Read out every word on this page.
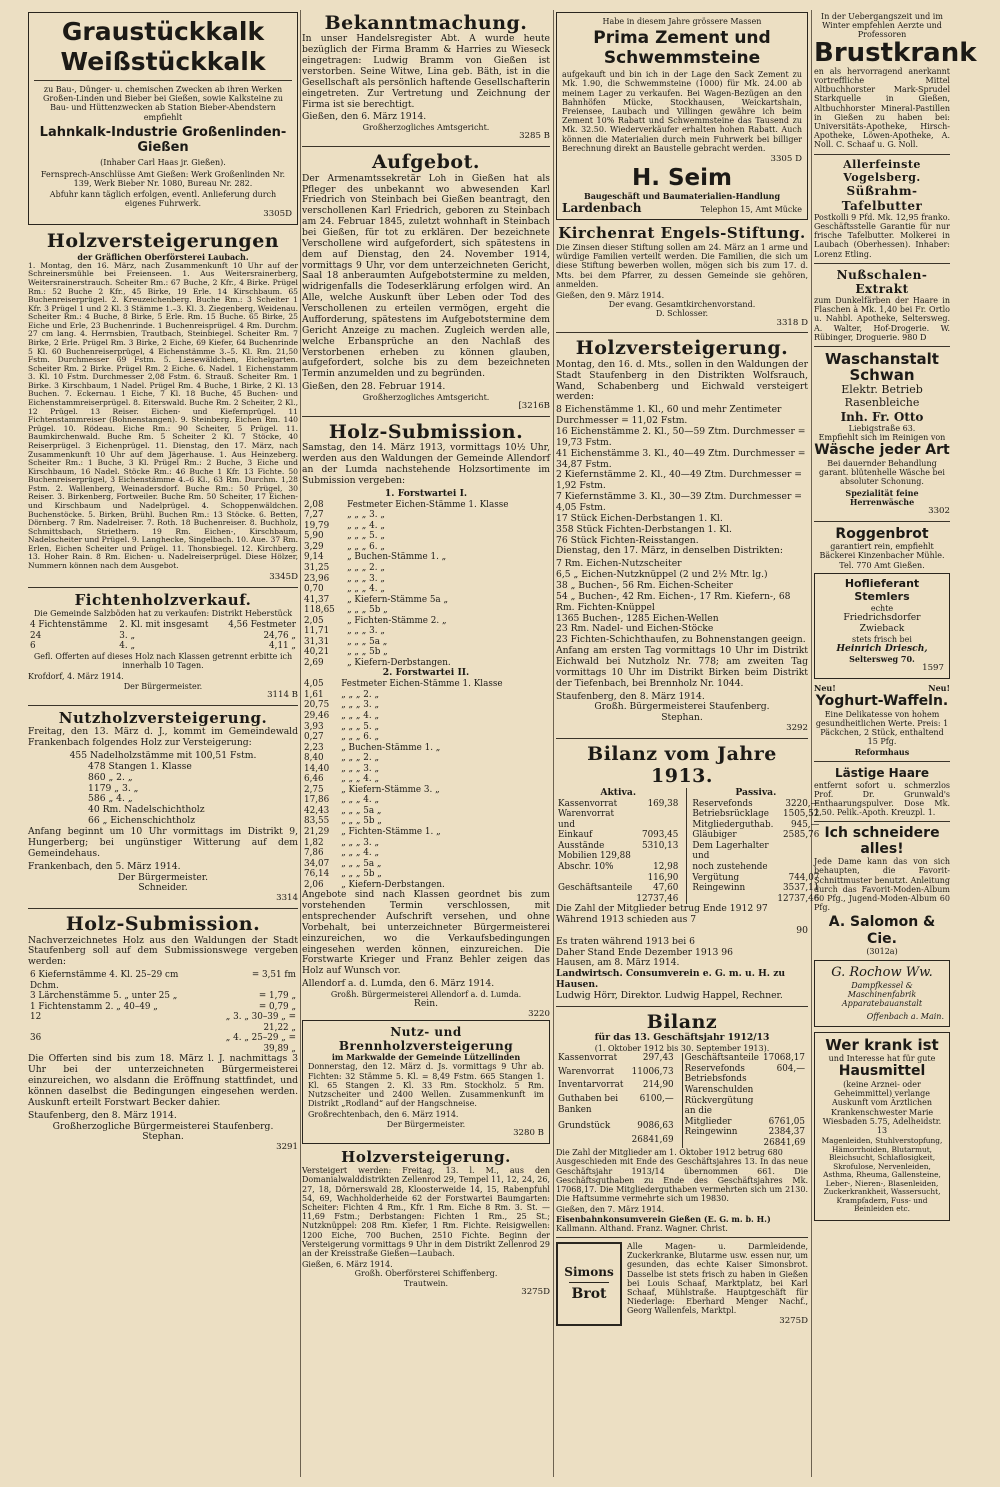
Graustückkalk
Weißstückkalk

zu Bau-, Dünger- u. chemischen Zwecken ab ihren Werken Großen-Linden und Bieber bei Gießen, sowie Kalksteine zu Bau- und Hüttenzwecken ab Station Bieber-Abendstern empfiehlt

Lahnkalk-Industrie Großenlinden-Gießen

(Inhaber Carl Haas jr. Gießen).

Fernsprech-Anschlüsse Amt Gießen: Werk Großenlinden Nr. 139, Werk Bieber Nr. 1080, Bureau Nr. 282.

Abfuhr kann täglich erfolgen, eventl. Anlieferung durch eigenes Fuhrwerk.

3305D
Holzversteigerungen
der Gräflichen Oberförsterei Laubach.

1. Montag, den 16. März, nach Zusammenkunft 10 Uhr auf der Schreinersmühle bei Freienseen. 1. Aus Weitersrainerberg, Weitersrainerstrauch. Scheiter Rm.: 67 Buche, 2 Kfr., 4 Birke. Prügel Rm.: 52 Buche 2 Kfr., 45 Birke, 19 Erle. 14 Kirschbaum. 65 Buchenreiserprügel. 2. Kreuzeichenberg. Buche Rm.: 3 Scheiter 1 Kfr. 3 Prügel 1 und 2 Kl. 3 Stämme 1.–3. Kl. 3. Ziegenberg, Weidenau. Scheiter Rm.: 4 Buche, 8 Birke, 5 Erle. Rm. 15 Buche. 65 Birke, 25 Eiche und Erle, 23 Buchenrinde. 1 Buchenreisprügel. 4 Rm. Durchm. 27 cm lang. 4. Herrnsbien, Trautbach, Steinbiegel. Scheiter Rm. 7 Birke, 2 Erle. Prügel Rm. 3 Birke, 2 Eiche, 69 Kiefer, 64 Buchenrinde 5 Kl. 60 Buchenreiserprügel, 4 Eichenstämme 3.–5. Kl. Rm. 21,50 Fstm. Durchmesser 69 Fstm. 5. Liesewäldchen, Eichelgarten. Scheiter Rm. 2 Birke. Prügel Rm. 2 Eiche. 6. Nadel. 1 Eichenstamm 3. Kl. 10 Fstm. Durchmesser 2,08 Fstm. 6. Strauß. Scheiter Rm. 1 Birke. 3 Kirschbaum, 1 Nadel. Prügel Rm. 4 Buche, 1 Birke, 2 Kl. 13 Buchen. 7. Eckernau. 1 Eiche, 7 Kl. 18 Buche, 45 Buchen- und Eichenstammreiserprügel. 8. Eiterswald. Buche Rm. 2 Scheiter, 2 Kl., 12 Prügel. 13 Reiser. Eichen- und Kiefernprügel. 11 Fichtenstammreiser (Bohnenstangen). 9. Steinberg. Eichen Rm. 140 Prügel. 10. Rödeau. Eiche Rm.: 90 Scheiter, 5 Prügel. 11. Baumkirchenwald. Buche Rm. 5 Scheiter 2 Kl. 7 Stöcke, 40 Reiserprügel. 3 Eichenprügel. 11. Dienstag, den 17. März, nach Zusammenkunft 10 Uhr auf dem Jägerhause. 1. Aus Heinzeberg. Scheiter Rm.: 1 Buche, 3 Kl. Prügel Rm.: 2 Buche, 3 Eiche und Kirschbaum, 16 Nadel. Stöcke Rm.: 46 Buche 1 Kfr. 13 Fichte. 50 Buchenreiserprügel, 3 Eichenstämme 4.–6 Kl., 63 Rm. Durchm. 1,28 Fstm. 2. Wallenberg, Weinadersdorf. Buche Rm.: 50 Prügel, 30 Reiser. 3. Birkenberg, Fortweiler. Buche Rm. 50 Scheiter, 17 Eichen- und Kirschbaum und Nadelprügel. 4. Schoppenwäldchen. Buchenstöcke. 5. Birken, Brühl. Buchen Rm.: 13 Stöcke. 6. Betten, Dörnberg. 7 Rm. Nadelreiser. 7. Roth. 18 Buchenreiser. 8. Buchholz, Schmittsbach, Striethern. 19 Rm. Eichen-, Kirschbaum, Nadelscheiter und Prügel. 9. Langhecke, Singelbach. 10. Aue. 37 Rm. Erlen, Eichen Scheiter und Prügel. 11. Thonsbiegel. 12. Kirchberg. 13. Hoher Rain. 8 Rm. Eichen- u. Nadelreiserprügel. Diese Hölzer, Nummern können nach dem Ausgebot.

3345D
Fichtenholzverkauf.

Die Gemeinde Salzböden hat zu verkaufen: Distrikt Heberstück

4 Fichtenstämme	2. Kl. mit insgesamt	4,56 Festmeter
24	3. „	24,76 „
6	4. „	4,11 „

Gefl. Offerten auf dieses Holz nach Klassen getrennt erbitte ich innerhalb 10 Tagen.

Krofdorf, 4. März 1914.
Der Bürgermeister.
3114 B
Nutzholzversteigerung.

Freitag, den 13. März d. J., kommt im Gemeindewald Frankenbach folgendes Holz zur Versteigerung:

455 Nadelholzstämme mit 100,51 Fstm.
478 Stangen 1. Klasse
860 „ 2. „
1179 „ 3. „
586 „ 4. „
40 Rm. Nadelschichtholz
66 „ Eichenschichtholz

Anfang beginnt um 10 Uhr vormittags im Distrikt 9, Hungerberg; bei ungünstiger Witterung auf dem Gemeindehaus.

Frankenbach, den 5. März 1914.
Der Bürgermeister.
Schneider.
3314
Holz-Submission.

Nachverzeichnetes Holz aus den Waldungen der Stadt Staufenberg soll auf dem Submissionswege vergeben werden:

6 Kiefernstämme 4. Kl. 25–29 cm Dchm.	= 3,51 fm
3 Lärchenstämme 5. „ unter 25 „	= 1,79 „
1 Fichtenstamm 2. „ 40–49 „	= 0,79 „
12	„ 3. „ 30–39 „ = 21,22 „
36	„ 4. „ 25–29 „ = 39,89 „

Die Offerten sind bis zum 18. März l. J. nachmittags 3 Uhr bei der unterzeichneten Bürgermeisterei einzureichen, wo alsdann die Eröffnung stattfindet, und können daselbst die Bedingungen eingesehen werden. Auskunft erteilt Forstwart Becker dahier.

Staufenberg, den 8. März 1914.
Großherzogliche Bürgermeisterei Staufenberg.
Stephan.
3291
Bekanntmachung.

In unser Handelsregister Abt. A wurde heute bezüglich der Firma Bramm & Harries zu Wieseck eingetragen: Ludwig Bramm von Gießen ist verstorben. Seine Witwe, Lina geb. Bäth, ist in die Gesellschaft als persönlich haftende Gesellschafterin eingetreten. Zur Vertretung und Zeichnung der Firma ist sie berechtigt.

Gießen, den 6. März 1914.
Großherzogliches Amtsgericht.
3285 B
Aufgebot.

Der Armenamtssekretär Loh in Gießen hat als Pfleger des unbekannt wo abwesenden Karl Friedrich von Steinbach bei Gießen beantragt, den verschollenen Karl Friedrich, geboren zu Steinbach am 24. Februar 1845, zuletzt wohnhaft in Steinbach bei Gießen, für tot zu erklären. Der bezeichnete Verschollene wird aufgefordert, sich spätestens in dem auf Dienstag, den 24. November 1914, vormittags 9 Uhr, vor dem unterzeichneten Gericht, Saal 18 anberaumten Aufgebotstermine zu melden, widrigenfalls die Todeserklärung erfolgen wird. An Alle, welche Auskunft über Leben oder Tod des Verschollenen zu erteilen vermögen, ergeht die Aufforderung, spätestens im Aufgebotstermine dem Gericht Anzeige zu machen. Zugleich werden alle, welche Erbansprüche an den Nachlaß des Verstorbenen erheben zu können glauben, aufgefordert, solche bis zu dem bezeichneten Termin anzumelden und zu begründen.

Gießen, den 28. Februar 1914.
Großherzogliches Amtsgericht.
[3216B
Holz-Submission.

Samstag, den 14. März 1913, vormittags 10½ Uhr, werden aus den Waldungen der Gemeinde Allendorf an der Lumda nachstehende Holzsortimente im Submission vergeben:

1. Forstwartei I.
2,08	Festmeter Eichen-Stämme 1. Klasse
7,27	„ „ „ 3. „
19,79	„ „ „ 4. „
5,90	„ „ „ 5. „
3,29	„ „ „ 6. „
9,14	„ Buchen-Stämme 1. „
31,25	„ „ „ 2. „
23,96	„ „ „ 3. „
0,70	„ „ „ 4. „
41,37	„ Kiefern-Stämme 5a „
118,65	„ „ „ 5b „
2,05	„ Fichten-Stämme 2. „
11,71	„ „ „ 3. „
31,31	„ „ „ 5a „
40,21	„ „ „ 5b „
2,69	„ Kiefern-Derbstangen.
2. Forstwartei II.
4,05	Festmeter Eichen-Stämme 1. Klasse
1,61	„ „ „ 2. „
20,75	„ „ „ 3. „
29,46	„ „ „ 4. „
3,93	„ „ „ 5. „
0,27	„ „ „ 6. „
2,23	„ Buchen-Stämme 1. „
8,40	„ „ „ 2. „
14,40	„ „ „ 3. „
6,46	„ „ „ 4. „
2,75	„ Kiefern-Stämme 3. „
17,86	„ „ „ 4. „
42,43	„ „ „ 5a „
83,55	„ „ „ 5b „
21,29	„ Fichten-Stämme 1. „
1,82	„ „ „ 3. „
7,86	„ „ „ 4. „
34,07	„ „ „ 5a „
76,14	„ „ „ 5b „
2,06	„ Kiefern-Derbstangen.

Angebote sind nach Klassen geordnet bis zum vorstehenden Termin verschlossen, mit entsprechender Aufschrift versehen, und ohne Vorbehalt, bei unterzeichneter Bürgermeisterei einzureichen, wo die Verkaufsbedingungen eingesehen werden können, einzureichen. Die Forstwarte Krieger und Franz Behler zeigen das Holz auf Wunsch vor.

Allendorf a. d. Lumda, den 6. März 1914.
Großh. Bürgermeisterei Allendorf a. d. Lumda.
Rein.
3220
Nutz- und Brennholzversteigerung
im Markwalde der Gemeinde Lützellinden

Donnerstag, den 12. März d. Js. vormittags 9 Uhr ab. Fichten: 32 Stämme 5. Kl. = 8,49 Fstm. 665 Stangen 1. Kl. 65 Stangen 2. Kl. 33 Rm. Stockholz. 5 Rm. Nutzscheiter und 2400 Wellen. Zusammenkunft im Distrikt „Rodland“ auf der Hangschneise.

Großrechtenbach, den 6. März 1914.
Der Bürgermeister.
3280 B
Holzversteigerung.

Versteigert werden: Freitag, 13. l. M., aus den Domanialwalddistrikten Zellenrod 29, Tempel 11, 12, 24, 26, 27, 18, Dörnerswald 28, Kloosterweide 14, 15, Rabenpfuhl 54, 69, Wachholderheide 62 der Forstwartei Baumgarten: Scheiter: Fichten 4 Rm., Kfr. 1 Rm. Eiche 8 Rm. 3. St. — 11,69 Fstm.; Derbstangen: Fichten 1 Rm., 25 St.; Nutzknüppel: 208 Rm. Kiefer, 1 Rm. Fichte. Reisigwellen: 1200 Eiche, 700 Buchen, 2510 Fichte. Beginn der Versteigerung vormittags 9 Uhr in dem Distrikt Zellenrod 29 an der Kreisstraße Gießen—Laubach.

Gießen, 6. März 1914.
Großh. Oberförsterei Schiffenberg.
Trautwein.
3275D
Habe in diesem Jahre grössere Massen
Prima Zement und Schwemmsteine

aufgekauft und bin ich in der Lage den Sack Zement zu Mk. 1.90, die Schwemmsteine (1000) für Mk. 24.00 ab meinem Lager zu verkaufen. Bei Wagen-Bezügen an den Bahnhöfen Mücke, Stockhausen, Weickartshain, Freiensee, Laubach und Villingen gewähre ich beim Zement 10% Rabatt und Schwemmsteine das Tausend zu Mk. 32.50. Wiederverkäufer erhalten hohen Rabatt. Auch können die Materialien durch mein Fuhrwerk bei billiger Berechnung direkt an Baustelle gebracht werden.

3305 D
H. Seim
Baugeschäft und Baumaterialien-Handlung
Lardenbach	Telephon 15, Amt Mücke
Kirchenrat Engels-Stiftung.

Die Zinsen dieser Stiftung sollen am 24. März an 1 arme und würdige Familien verteilt werden. Die Familien, die sich um diese Stiftung bewerben wollen, mögen sich bis zum 17. d. Mts. bei dem Pfarrer, zu dessen Gemeinde sie gehören, anmelden.

Gießen, den 9. März 1914.
Der evang. Gesamtkirchenvorstand.
D. Schlosser.
3318 D
Holzversteigerung.

Montag, den 16. d. Mts., sollen in den Waldungen der Stadt Staufenberg in den Distrikten Wolfsrauch, Wand, Schabenberg und Eichwald versteigert werden:

8 Eichenstämme 1. Kl., 60 und mehr Zentimeter Durchmesser = 11,02 Fstm.
16 Eichenstämme 2. Kl., 50—59 Ztm. Durchmesser = 19,73 Fstm.
41 Eichenstämme 3. Kl., 40—49 Ztm. Durchmesser = 34,87 Fstm.
2 Kiefernstämme 2. Kl., 40—49 Ztm. Durchmesser = 1,92 Fstm.
7 Kiefernstämme 3. Kl., 30—39 Ztm. Durchmesser = 4,05 Fstm.
17 Stück Eichen-Derbstangen 1. Kl.
358 Stück Fichten-Derbstangen 1. Kl.
76 Stück Fichten-Reisstangen.

Dienstag, den 17. März, in denselben Distrikten:

7 Rm. Eichen-Nutzscheiter
6,5 „ Eichen-Nutzknüppel (2 und 2½ Mtr. lg.)
38 „ Buchen-, 56 Rm. Eichen-Scheiter
54 „ Buchen-, 42 Rm. Eichen-, 17 Rm. Kiefern-, 68 Rm. Fichten-Knüppel
1365 Buchen-, 1285 Eichen-Wellen
23 Rm. Nadel- und Eichen-Stöcke
23 Fichten-Schichthaufen, zu Bohnenstangen geeign.

Anfang am ersten Tag vormittags 10 Uhr im Distrikt Eichwald bei Nutzholz Nr. 778; am zweiten Tag vormittags 10 Uhr im Distrikt Birken beim Distrikt der Tiefenbach, bei Brennholz Nr. 1044.

Staufenberg, den 8. März 1914.
Großh. Bürgermeisterei Staufenberg.
Stephan.
3292
Bilanz vom Jahre 1913.
Aktiva.
Kassenvorrat	169,38
Warenvorrat und	
Einkauf	7093,45
Ausstände	5310,13
Mobilien 129,88	
Abschr. 10%	12,98 116,90
Geschäftsanteile	47,60
	12737,46
Passiva.
Reservefonds	3220,—
Betriebsrücklage	1505,52
Mitgliederguthab.	945,—
Gläubiger	2585,76
Dem Lagerhalter und	
noch zustehende	
Vergütung	744,07
Reingewinn	3537,11
	12737,46
Die Zahl der Mitglieder betrug Ende 1912 97
Während 1913 schieden aus 7
90
Es traten während 1913 bei 6
Daher Stand Ende Dezember 1913 96
Hausen, am 8. März 1914.
Landwirtsch. Consumverein e. G. m. u. H. zu Hausen.
Ludwig Hörr, Direktor. Ludwig Happel, Rechner.
Bilanz
für das 13. Geschäftsjahr 1912/13
(1. Oktober 1912 bis 30. September 1913).
Kassenvorrat	297,43
Warenvorrat	11006,73
Inventarvorrat	214,90
Guthaben bei Banken	6100,—
Grundstück	9086,63
	26841,69
Geschäftsanteile	17068,17
Reservefonds	604,—
Betriebsfonds	
Warenschulden	
Rückvergütung an die	
Mitglieder	6761,05
Reingewinn	2384,37
	26841,69
Die Zahl der Mitglieder am 1. Oktober 1912 betrug 680

Ausgeschieden mit Ende des Geschäftsjahres 13. In das neue Geschäftsjahr 1913/14 übernommen 661. Die Geschäftsguthaben zu Ende des Geschäftsjahres Mk. 17068,17. Die Mitgliederguthaben vermehrten sich um 2130. Die Haftsumme vermehrte sich um 19830.

Gießen, den 7. März 1914.
Eisenbahnkonsumverein Gießen (E. G. m. b. H.)
Kallmann. Althand. Franz. Wagner. Christ.
Simons
Brot

Alle Magen- u. Darmleidende, Zuckerkranke, Blutarme usw. essen nur, um gesunden, das echte Kaiser Simonsbrot. Dasselbe ist stets frisch zu haben in Gießen bei Louis Schaaf, Marktplatz, bei Karl Schaaf, Mühlstraße. Hauptgeschäft für Niederlage: Eberhard Menger Nachf., Georg Wallenfels, Marktpl.

3275D
In der Uebergangszeit und im Winter empfehlen Aerzte und Professoren
Brustkrank

en als hervorragend anerkannt vortreffliche Mittel Altbuchhorster Mark-Sprudel Starkquelle in Gießen, Altbuchhorster Mineral-Pastillen in Gießen zu haben bei: Universitäts-Apotheke, Hirsch-Apotheke, Löwen-Apotheke, A. Noll. C. Schaaf u. G. Noll.

Allerfeinste Vogelsberg.
Süßrahm-Tafelbutter

Postkolli 9 Pfd. Mk. 12,95 franko. Geschäftsstelle Garantie für nur frische Tafelbutter. Molkerei in Laubach (Oberhessen). Inhaber: Lorenz Etling.

Nußschalen-Extrakt

zum Dunkelfärben der Haare in Flaschen à Mk. 1,40 bei Fr. Ortlo u. Nahbl. Apotheke, Seltersweg. A. Walter, Hof-Drogerie. W. Rübinger, Droguerie. 980 D

Waschanstalt Schwan
Elektr. Betrieb
Rasenbleiche
Inh. Fr. Otto
Liebigstraße 63.
Empfiehlt sich im Reinigen von
Wäsche jeder Art

Bei dauernder Behandlung garant. blütenhelle Wäsche bei absoluter Schonung.

Spezialität feine Herrenwäsche
3302
Roggenbrot

garantiert rein, empfiehlt Bäckerei Kinzenbacher Mühle. Tel. 770 Amt Gießen.

Hoflieferant
Stemlers
echte
Friedrichsdorfer
Zwieback
stets frisch bei
Heinrich Driesch,
Seltersweg 70.
1597
Neu!	Neu!
Yoghurt-Waffeln.

Eine Delikatesse von hohem gesundheitlichen Werte. Preis: 1 Päckchen, 2 Stück, enthaltend 15 Pfg.

Reformhaus
Lästige Haare

entfernt sofort u. schmerzlos Prof. Dr. Grunwald's Enthaarungspulver. Dose Mk. 1,50. Pelik.-Apoth. Kreuzpl. 1.

Ich schneidere alles!

Jede Dame kann das von sich behaupten, die Favorit-Schnittmuster benutzt. Anleitung durch das Favorit-Moden-Album 60 Pfg., Jugend-Moden-Album 60 Pfg.

A. Salomon & Cie.
(3012a)
G. Rochow Ww.
Dampfkessel & Maschinenfabrik
Apparatebauanstalt
Offenbach a. Main.
Wer krank ist
und Interesse hat für gute
Hausmittel

(keine Arznei- oder Geheimmittel) verlange Auskunft vom Ärztlichen Krankenschwester Marie Wiesbaden 5.75, Adelheidstr. 13

Magenleiden, Stuhlverstopfung, Hämorrhoiden, Blutarmut, Bleichsucht, Schlaflosigkeit, Skrofulose, Nervenleiden, Asthma, Rheuma, Gallensteine, Leber-, Nieren-, Blasenleiden, Zuckerkrankheit, Wassersucht, Krampfadern, Fuss- und Beinleiden etc.
